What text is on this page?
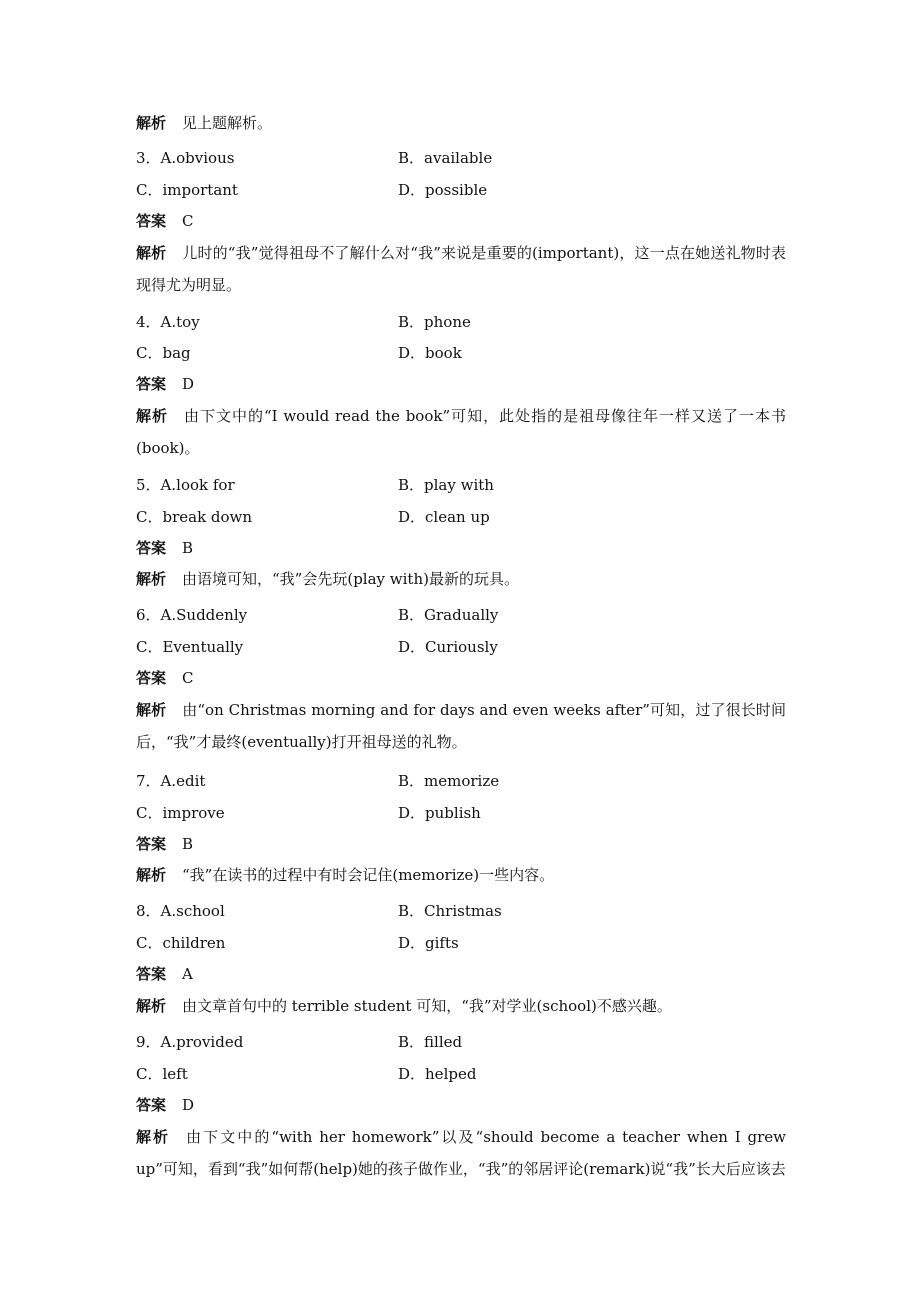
解析 见上题解析。
3．A.obvious	B．available
C．important	D．possible
答案 C
解析 儿时的“我”觉得祖母不了解什么对“我”来说是重要的(important)，这一点在她送礼物时表现得尤为明显。
4．A.toy	B．phone
C．bag	D．book
答案 D
解析 由下文中的“I would read the book”可知，此处指的是祖母像往年一样又送了一本书(book)。
5．A.look for	B．play with
C．break down	D．clean up
答案 B
解析 由语境可知，“我”会先玩(play with)最新的玩具。
6．A.Suddenly	B．Gradually
C．Eventually	D．Curiously
答案 C
解析 由“on Christmas morning and for days and even weeks after”可知，过了很长时间后，“我”才最终(eventually)打开祖母送的礼物。
7．A.edit	B．memorize
C．improve	D．publish
答案 B
解析 “我”在读书的过程中有时会记住(memorize)一些内容。
8．A.school	B．Christmas
C．children	D．gifts
答案 A
解析 由文章首句中的 terrible student 可知，“我”对学业(school)不感兴趣。
9．A.provided	B．filled
C．left	D．helped
答案 D
解析 由下文中的“with her homework”以及“should become a teacher when I grew up”可知，看到“我”如何帮(help)她的孩子做作业，“我”的邻居评论(remark)说“我”长大后应该去
